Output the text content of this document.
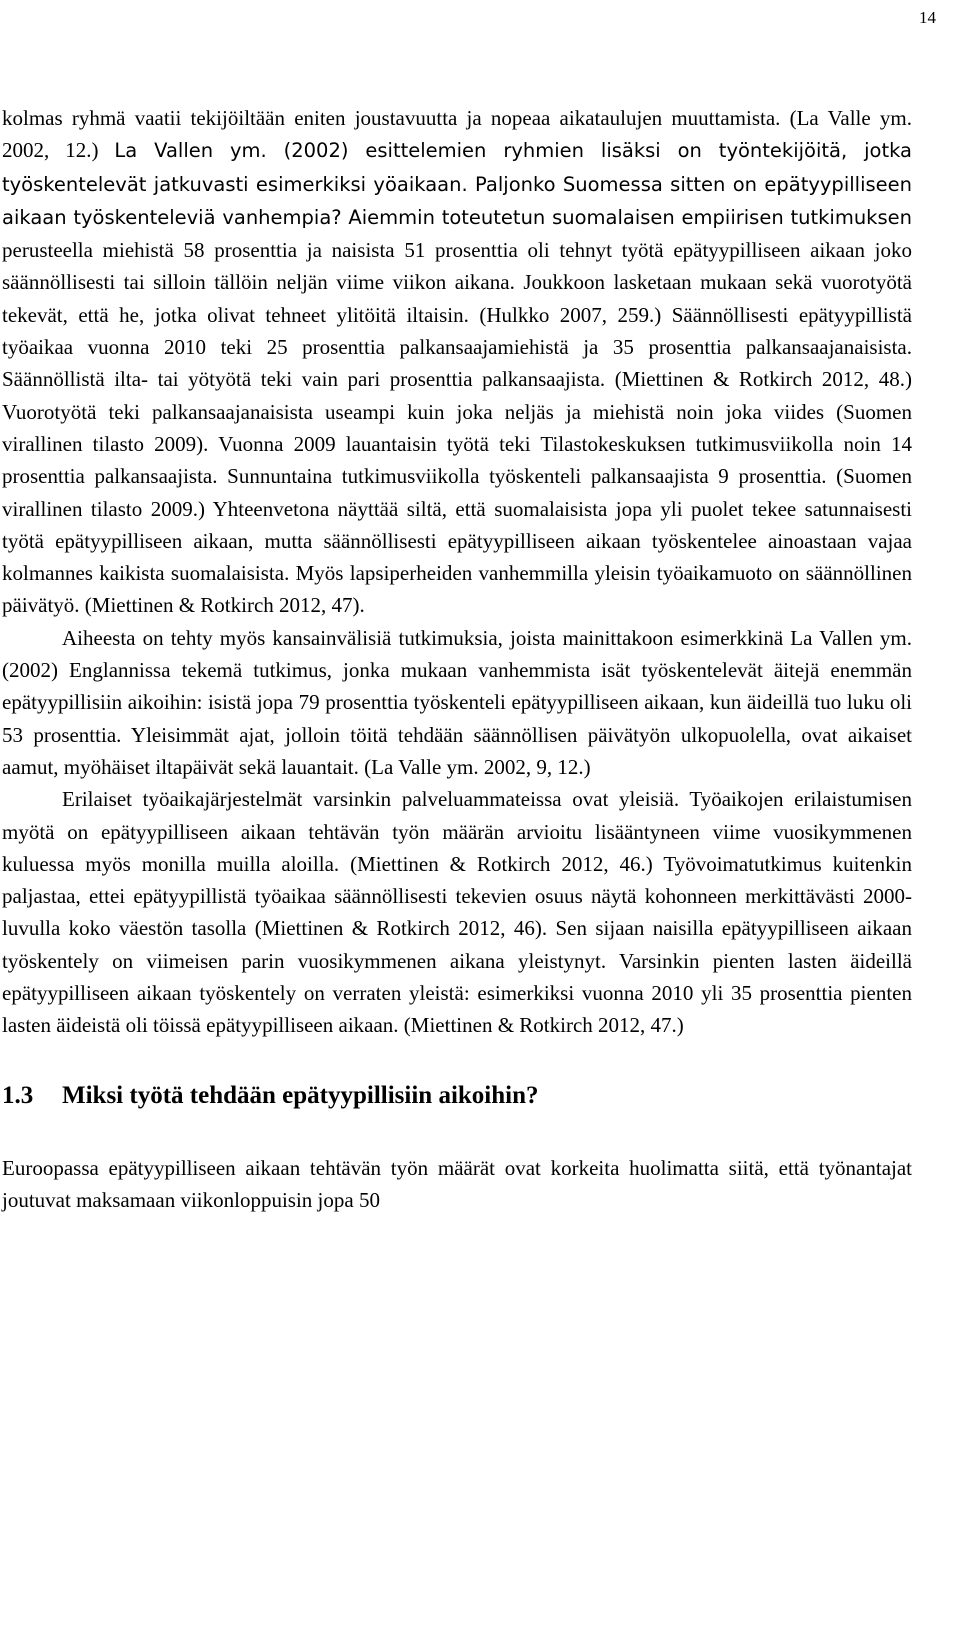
14

kolmas ryhmä vaatii tekijöiltään eniten joustavuutta ja nopeaa aikataulujen muuttamista. (La Valle ym. 2002, 12.) La Vallen ym. (2002) esittelemien ryhmien lisäksi on työntekijöitä, jotka työskentelevät jatkuvasti esimerkiksi yöaikaan. Paljonko Suomessa sitten on epätyypilliseen aikaan työskenteleviä vanhempia? Aiemmin toteutetun suomalaisen empiirisen tutkimuksen perusteella miehistä 58 prosenttia ja naisista 51 prosenttia oli tehnyt työtä epätyypilliseen aikaan joko säännöllisesti tai silloin tällöin neljän viime viikon aikana. Joukkoon lasketaan mukaan sekä vuorotyötä tekevät, että he, jotka olivat tehneet ylitöitä iltaisin. (Hulkko 2007, 259.) Säännöllisesti epätyypillistä työaikaa vuonna 2010 teki 25 prosenttia palkansaajamiehistä ja 35 prosenttia palkansaajanaisista. Säännöllistä ilta- tai yötyötä teki vain pari prosenttia palkansaajista. (Miettinen & Rotkirch 2012, 48.) Vuorotyötä teki palkansaajanaisista useampi kuin joka neljäs ja miehistä noin joka viides (Suomen virallinen tilasto 2009). Vuonna 2009 lauantaisin työtä teki Tilastokeskuksen tutkimusviikolla noin 14 prosenttia palkansaajista. Sunnuntaina tutkimusviikolla työskenteli palkansaajista 9 prosenttia. (Suomen virallinen tilasto 2009.) Yhteenvetona näyttää siltä, että suomalaisista jopa yli puolet tekee satunnaisesti työtä epätyypilliseen aikaan, mutta säännöllisesti epätyypilliseen aikaan työskentelee ainoastaan vajaa kolmannes kaikista suomalaisista. Myös lapsiperheiden vanhemmilla yleisin työaikamuoto on säännöllinen päivätyö. (Miettinen & Rotkirch 2012, 47).

Aiheesta on tehty myös kansainvälisiä tutkimuksia, joista mainittakoon esimerkkinä La Vallen ym. (2002) Englannissa tekemä tutkimus, jonka mukaan vanhemmista isät työskentelevät äitejä enemmän epätyypillisiin aikoihin: isistä jopa 79 prosenttia työskenteli epätyypilliseen aikaan, kun äideillä tuo luku oli 53 prosenttia. Yleisimmät ajat, jolloin töitä tehdään säännöllisen päivätyön ulkopuolella, ovat aikaiset aamut, myöhäiset iltapäivät sekä lauantait. (La Valle ym. 2002, 9, 12.)

Erilaiset työaikajärjestelmät varsinkin palveluammateissa ovat yleisiä. Työaikojen erilaistumisen myötä on epätyypilliseen aikaan tehtävän työn määrän arvioitu lisääntyneen viime vuosikymmenen kuluessa myös monilla muilla aloilla. (Miettinen & Rotkirch 2012, 46.) Työvoimatutkimus kuitenkin paljastaa, ettei epätyypillistä työaikaa säännöllisesti tekevien osuus näytä kohonneen merkittävästi 2000-luvulla koko väestön tasolla (Miettinen & Rotkirch 2012, 46). Sen sijaan naisilla epätyypilliseen aikaan työskentely on viimeisen parin vuosikymmenen aikana yleistynyt. Varsinkin pienten lasten äideillä epätyypilliseen aikaan työskentely on verraten yleistä: esimerkiksi vuonna 2010 yli 35 prosenttia pienten lasten äideistä oli töissä epätyypilliseen aikaan. (Miettinen & Rotkirch 2012, 47.)

1.3 Miksi työtä tehdään epätyypillisiin aikoihin?

Euroopassa epätyypilliseen aikaan tehtävän työn määrät ovat korkeita huolimatta siitä, että työnantajat joutuvat maksamaan viikonloppuisin jopa 50
